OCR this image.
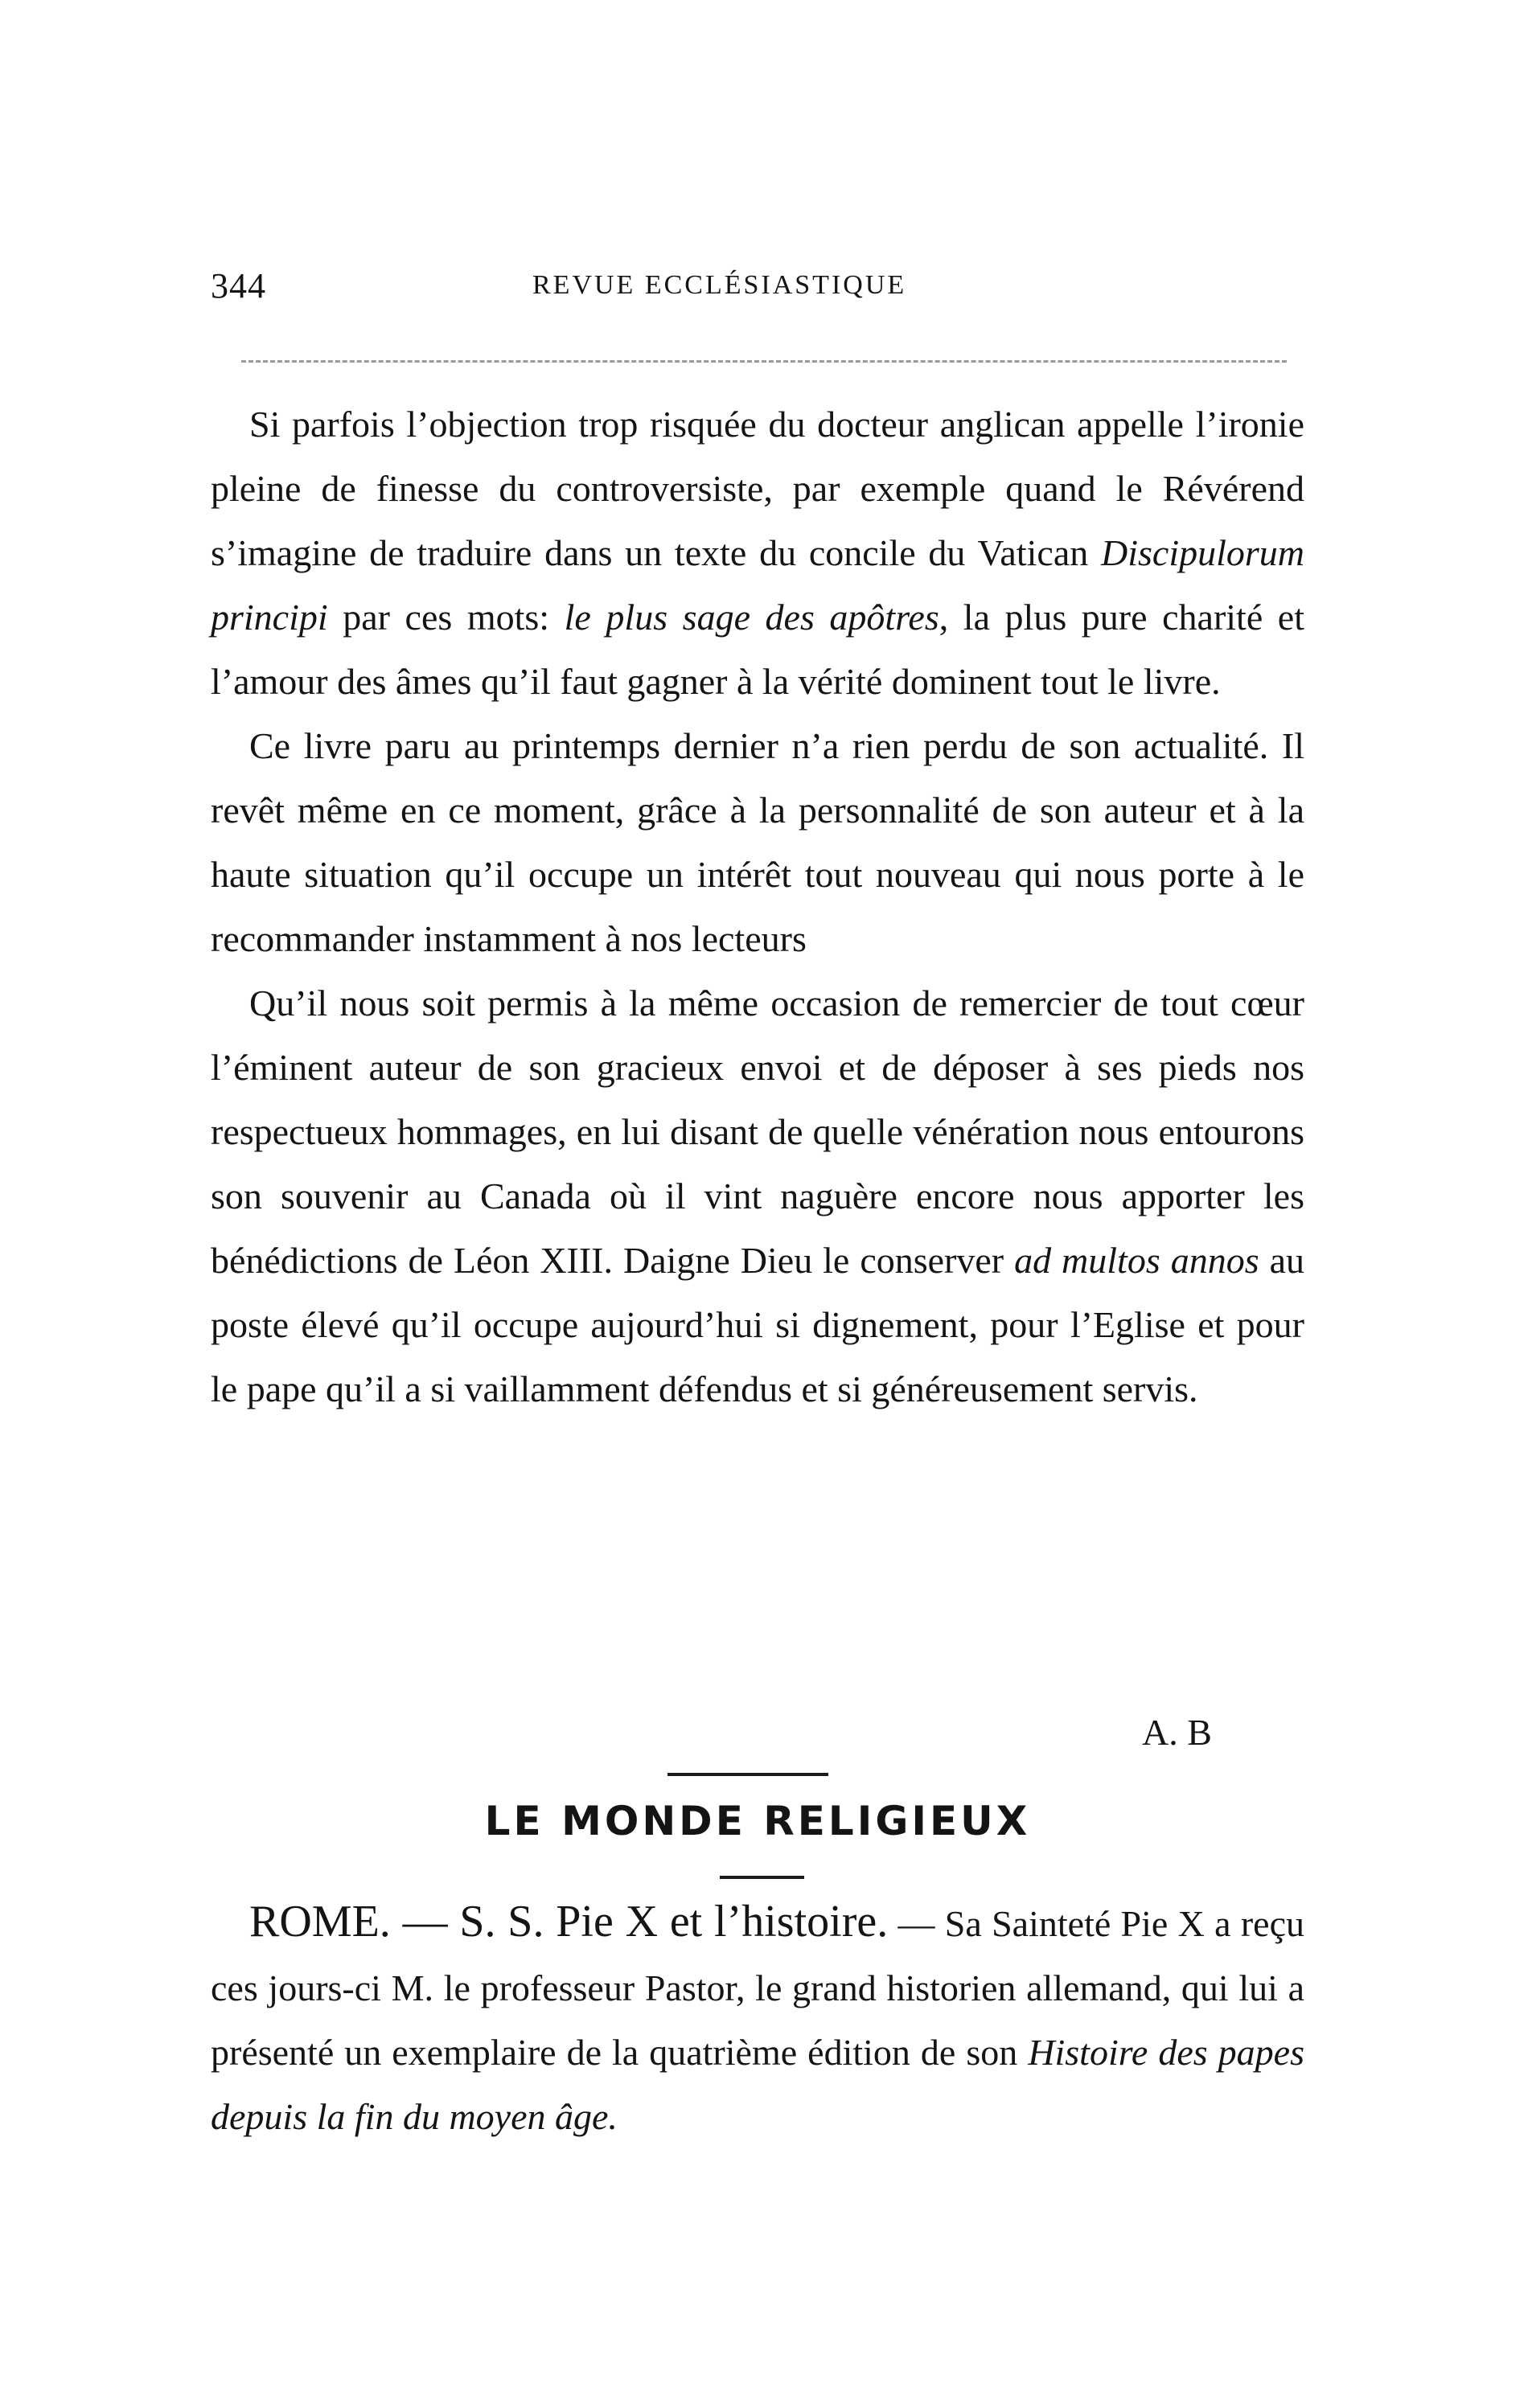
344	REVUE ECCLÉSIASTIQUE

Si parfois l’objection trop risquée du docteur anglican appelle l’ironie pleine de finesse du controversiste, par exemple quand le Révérend s’imagine de traduire dans un texte du concile du Vatican Discipulorum principi par ces mots: le plus sage des apôtres, la plus pure charité et l’amour des âmes qu’il faut gagner à la vérité dominent tout le livre.

Ce livre paru au printemps dernier n’a rien perdu de son actualité. Il revêt même en ce moment, grâce à la personnalité de son auteur et à la haute situation qu’il occupe un intérêt tout nouveau qui nous porte à le recommander instamment à nos lecteurs

Qu’il nous soit permis à la même occasion de remercier de tout cœur l’éminent auteur de son gracieux envoi et de déposer à ses pieds nos respectueux hommages, en lui disant de quelle vénération nous entourons son souvenir au Canada où il vint naguère encore nous apporter les bénédictions de Léon XIII. Daigne Dieu le conserver ad multos annos au poste élevé qu’il occupe aujourd’hui si dignement, pour l’Eglise et pour le pape qu’il a si vaillamment défendus et si généreusement servis.

A. B
LE MONDE RELIGIEUX

ROME. — S. S. Pie X et l’histoire. — Sa Sainteté Pie X a reçu ces jours-ci M. le professeur Pastor, le grand historien allemand, qui lui a présenté un exemplaire de la quatrième édition de son Histoire des papes depuis la fin du moyen âge.
